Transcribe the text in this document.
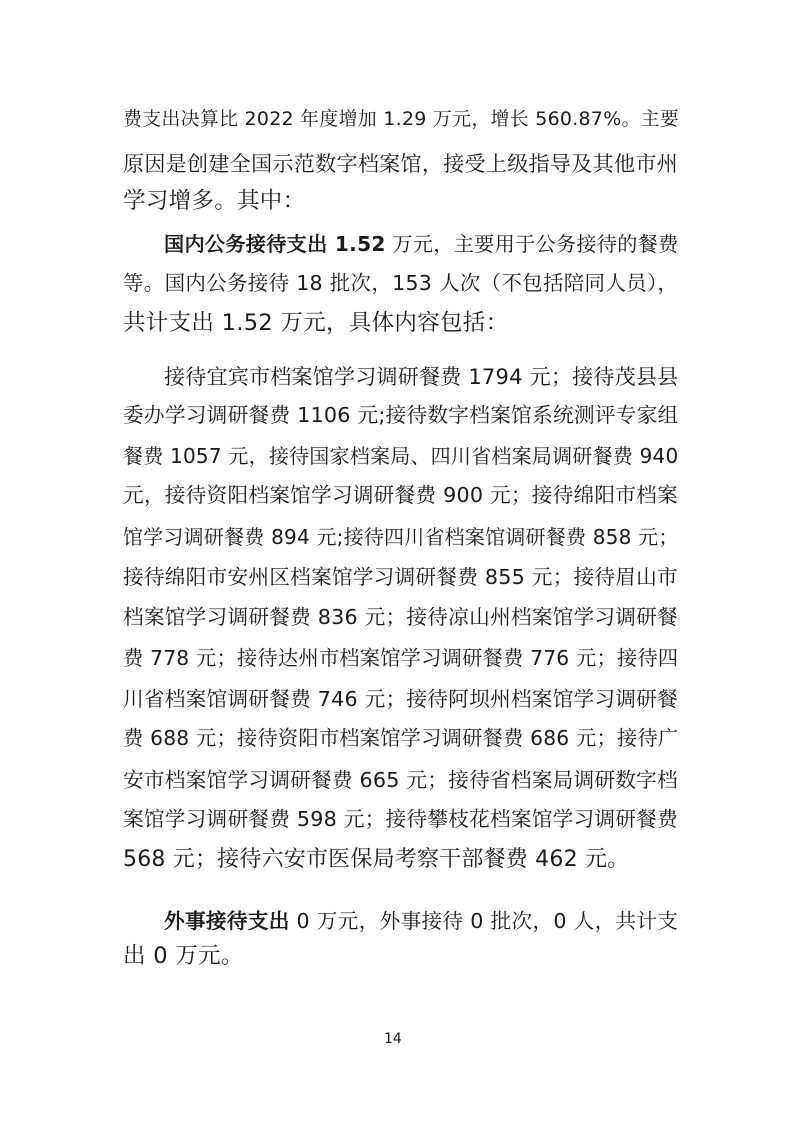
费支出决算比 2022 年度增加 1.29 万元，增长 560.87%。主要
原因是创建全国示范数字档案馆，接受上级指导及其他市州
学习增多。其中：
国内公务接待支出 1.52 万元，主要用于公务接待的餐费
等。国内公务接待 18 批次，153 人次（不包括陪同人员），
共计支出 1.52 万元，具体内容包括：
接待宜宾市档案馆学习调研餐费 1794 元；接待茂县县
委办学习调研餐费 1106 元;接待数字档案馆系统测评专家组
餐费 1057 元，接待国家档案局、四川省档案局调研餐费 940
元，接待资阳档案馆学习调研餐费 900 元；接待绵阳市档案
馆学习调研餐费 894 元;接待四川省档案馆调研餐费 858 元；
接待绵阳市安州区档案馆学习调研餐费 855 元；接待眉山市
档案馆学习调研餐费 836 元；接待凉山州档案馆学习调研餐
费 778 元；接待达州市档案馆学习调研餐费 776 元；接待四
川省档案馆调研餐费 746 元；接待阿坝州档案馆学习调研餐
费 688 元；接待资阳市档案馆学习调研餐费 686 元；接待广
安市档案馆学习调研餐费 665 元；接待省档案局调研数字档
案馆学习调研餐费 598 元；接待攀枝花档案馆学习调研餐费
568 元；接待六安市医保局考察干部餐费 462 元。
外事接待支出 0 万元，外事接待 0 批次，0 人，共计支
出 0 万元。
14
